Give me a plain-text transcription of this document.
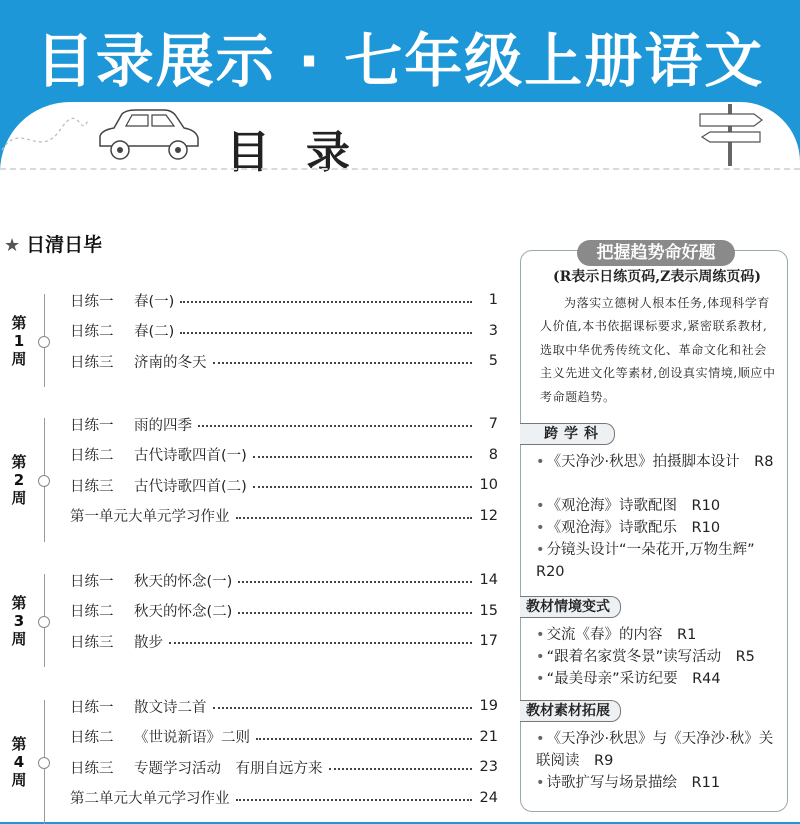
目录展示 · 七年级上册语文
目录
★ 日清日毕
第
1
周
日练一	春(一)	1
日练二	春(二)	3
日练三	济南的冬天	5
第
2
周
日练一	雨的四季	7
日练二	古代诗歌四首(一)	8
日练三	古代诗歌四首(二)	10
第一单元大单元学习作业	12
第
3
周
日练一	秋天的怀念(一)	14
日练二	秋天的怀念(二)	15
日练三	散步	17
第
4
周
日练一	散文诗二首	19
日练二	《世说新语》二则	21
日练三	专题学习活动　有朋自远方来	23
第二单元大单元学习作业	24
把握趋势命好题
(R表示日练页码,Z表示周练页码)
为落实立德树人根本任务,体现科学育人价值,本书依据课标要求,紧密联系教材,选取中华优秀传统文化、革命文化和社会主义先进文化等素材,创设真实情境,顺应中考命题趋势。
跨学科
• 《天净沙·秋思》拍摄脚本设计　R8
• 《观沧海》诗歌配图　R10
• 《观沧海》诗歌配乐　R10
• 分镜头设计“一朵花开,万物生辉”　R20
教材情境变式
• 交流《春》的内容　R1
• “跟着名家赏冬景”读写活动　R5
• “最美母亲”采访纪要　R44
教材素材拓展
• 《天净沙·秋思》与《天净沙·秋》关联阅读　R9
• 诗歌扩写与场景描绘　R11
